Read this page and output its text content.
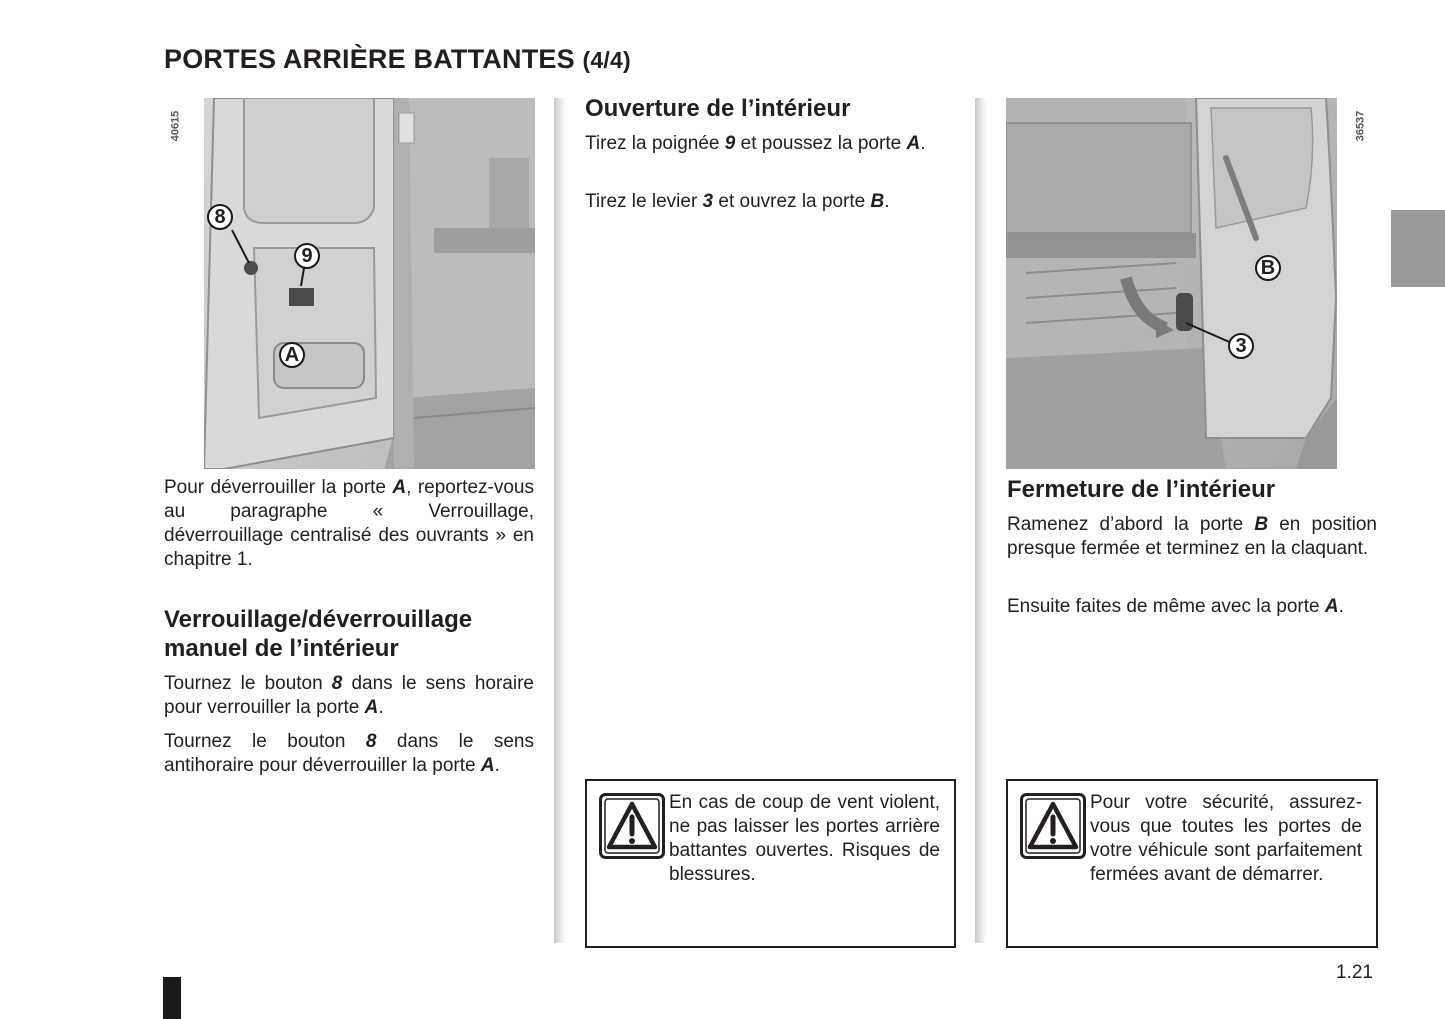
PORTES ARRIÈRE BATTANTES (4/4)
40615
8
9
A

Pour déverrouiller la porte A, reportez-vous au paragraphe « Verrouillage, déverrouillage centralisé des ouvrants » en chapitre 1.

Verrouillage/déverrouillage manuel de l’intérieur

Tournez le bouton 8 dans le sens horaire pour verrouiller la porte A.

Tournez le bouton 8 dans le sens antihoraire pour déverrouiller la porte A.

Ouverture de l’intérieur

Tirez la poignée 9 et poussez la porte A.

Tirez le levier 3 et ouvrez la porte B.

En cas de coup de vent violent, ne pas laisser les portes arrière battantes ouvertes. Risques de blessures.

B
3
36537
Fermeture de l’intérieur

Ramenez d’abord la porte B en position presque fermée et terminez en la claquant.

Ensuite faites de même avec la porte A.

Pour votre sécurité, assurez-vous que toutes les portes de votre véhicule sont parfaitement fermées avant de démarrer.

1.21
